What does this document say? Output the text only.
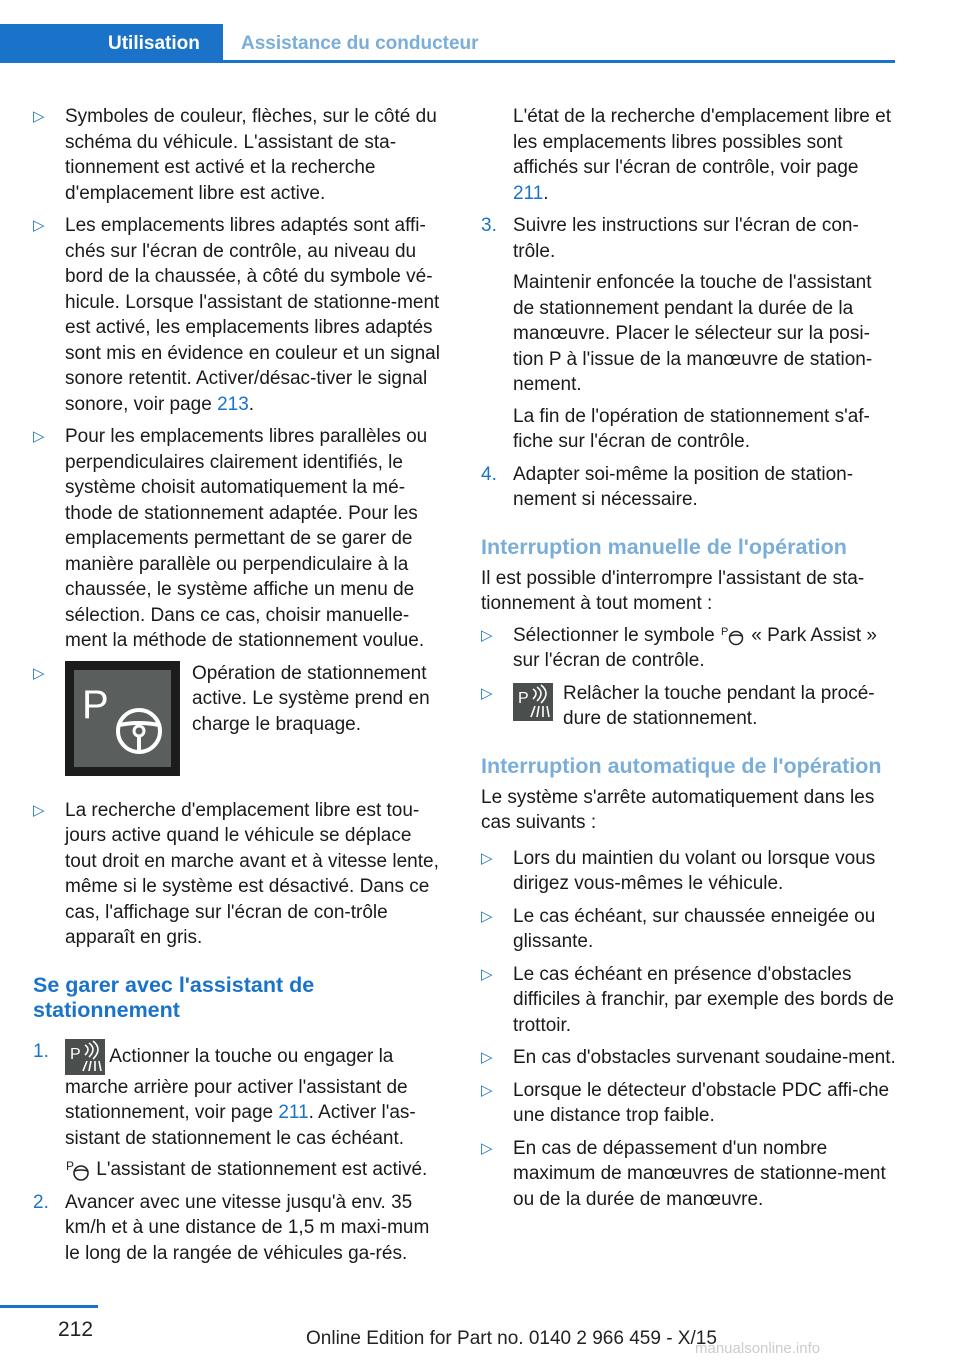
Utilisation	Assistance du conducteur
▷ Symboles de couleur, flèches, sur le côté du schéma du véhicule. L'assistant de sta-tionnement est activé et la recherche d'emplacement libre est active.
▷ Les emplacements libres adaptés sont affi-chés sur l'écran de contrôle, au niveau du bord de la chaussée, à côté du symbole vé-hicule. Lorsque l'assistant de stationne-ment est activé, les emplacements libres adaptés sont mis en évidence en couleur et un signal sonore retentit. Activer/désac-tiver le signal sonore, voir page 213.
▷ Pour les emplacements libres parallèles ou perpendiculaires clairement identifiés, le système choisit automatiquement la mé-thode de stationnement adaptée. Pour les emplacements permettant de se garer de manière parallèle ou perpendiculaire à la chaussée, le système affiche un menu de sélection. Dans ce cas, choisir manuelle-ment la méthode de stationnement voulue.
▷
P
Opération de stationnement active. Le système prend en charge le braquage.
▷ La recherche d'emplacement libre est tou-jours active quand le véhicule se déplace tout droit en marche avant et à vitesse lente, même si le système est désactivé. Dans ce cas, l'affichage sur l'écran de con-trôle apparaît en gris.
Se garer avec l'assistant de stationnement
1. P Actionner la touche ou engager la marche arrière pour activer l'assistant de stationnement, voir page 211. Activer l'as-sistant de stationnement le cas échéant.
P L'assistant de stationnement est activé.
2. Avancer avec une vitesse jusqu'à env. 35 km/h et à une distance de 1,5 m maxi-mum le long de la rangée de véhicules ga-rés.
L'état de la recherche d'emplacement libre et les emplacements libres possibles sont affichés sur l'écran de contrôle, voir page 211.
3. Suivre les instructions sur l'écran de con-trôle.
Maintenir enfoncée la touche de l'assistant de stationnement pendant la durée de la manœuvre. Placer le sélecteur sur la posi-tion P à l'issue de la manœuvre de station-nement.
La fin de l'opération de stationnement s'af-fiche sur l'écran de contrôle.
4. Adapter soi-même la position de station-nement si nécessaire.
Interruption manuelle de l'opération
Il est possible d'interrompre l'assistant de sta-tionnement à tout moment :
▷ Sélectionner le symbole P « Park Assist » sur l'écran de contrôle.
▷ P Relâcher la touche pendant la procé-dure de stationnement.
Interruption automatique de l'opération
Le système s'arrête automatiquement dans les cas suivants :
▷ Lors du maintien du volant ou lorsque vous dirigez vous-mêmes le véhicule.
▷ Le cas échéant, sur chaussée enneigée ou glissante.
▷ Le cas échéant en présence d'obstacles difficiles à franchir, par exemple des bords de trottoir.
▷ En cas d'obstacles survenant soudaine-ment.
▷ Lorsque le détecteur d'obstacle PDC affi-che une distance trop faible.
▷ En cas de dépassement d'un nombre maximum de manœuvres de stationne-ment ou de la durée de manœuvre.
212	Online Edition for Part no. 0140 2 966 459 - X/15
manualsonline.info
